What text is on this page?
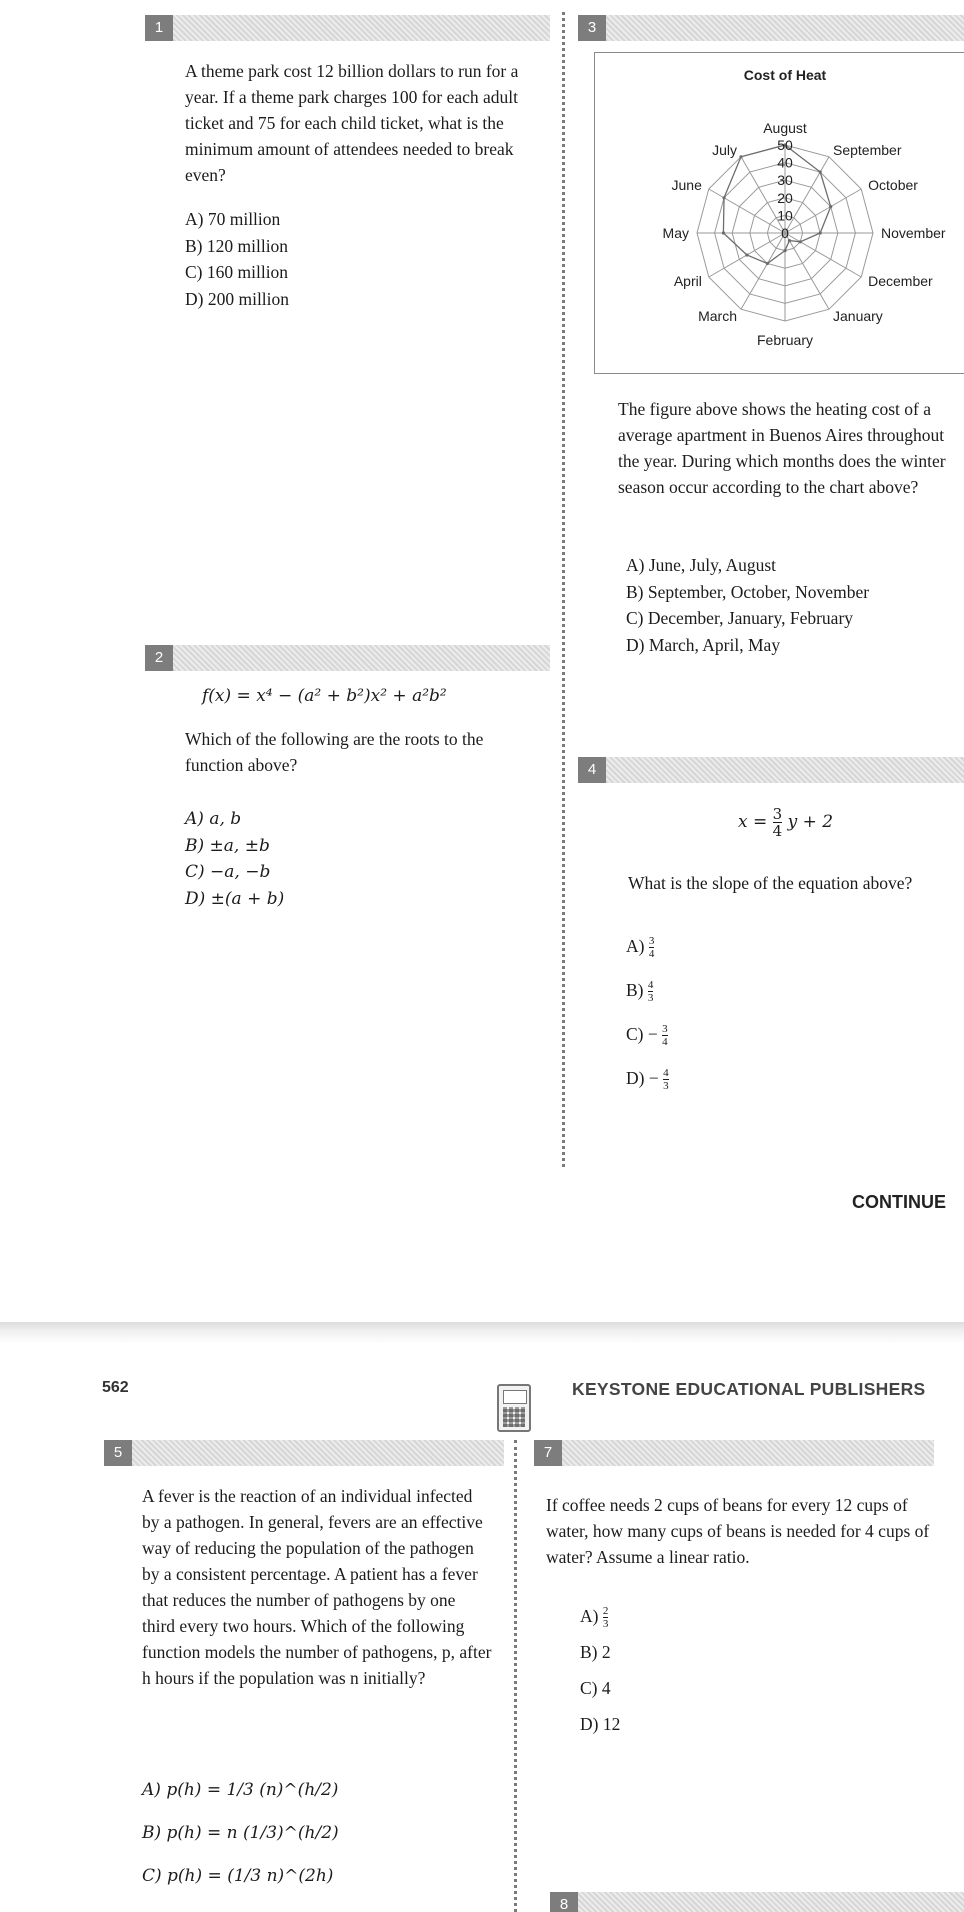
1
A theme park cost 12 billion dollars to run for a year. If a theme park charges 100 for each adult ticket and 75 for each child ticket, what is the minimum amount of attendees needed to break even?
A) 70 million
B) 120 million
C) 160 million
D) 200 million
2
f(x) = x⁴ − (a² + b²)x² + a²b²
Which of the following are the roots to the function above?
A) a, b
B) ±a, ±b
C) −a, −b
D) ±(a + b)
3
Cost of Heat
0
10
20
30
40
50
August
September
October
November
December
January
February
March
April
May
June
July
The figure above shows the heating cost of a average apartment in Buenos Aires throughout the year. During which months does the winter season occur according to the chart above?
A) June, July, August
B) September, October, November
C) December, January, February
D) March, April, May
4
$x = \frac{3}{4}$ y + 2
What is the slope of the equation above?
$A) \frac{3}{4}$
$B) \frac{4}{3}$
$C) - \frac{3}{4}$
$D) - \frac{4}{3}$
CONTINUE
562	KEYSTONE EDUCATIONAL PUBLISHERS
5
A fever is the reaction of an individual infected by a pathogen. In general, fevers are an effective way of reducing the population of the pathogen by a consistent percentage. A patient has a fever that reduces the number of pathogens by one third every two hours. Which of the following function models the number of pathogens, p, after h hours if the population was n initially?
A) p(h) = 1/3 (n)^(h/2)
B) p(h) = n (1/3)^(h/2)
C) p(h) = (1/3 n)^(2h)
7
If coffee needs 2 cups of beans for every 12 cups of water, how many cups of beans is needed for 4 cups of water? Assume a linear ratio.
$A) \frac{2}{3}$
B) 2
C) 4
D) 12
8
